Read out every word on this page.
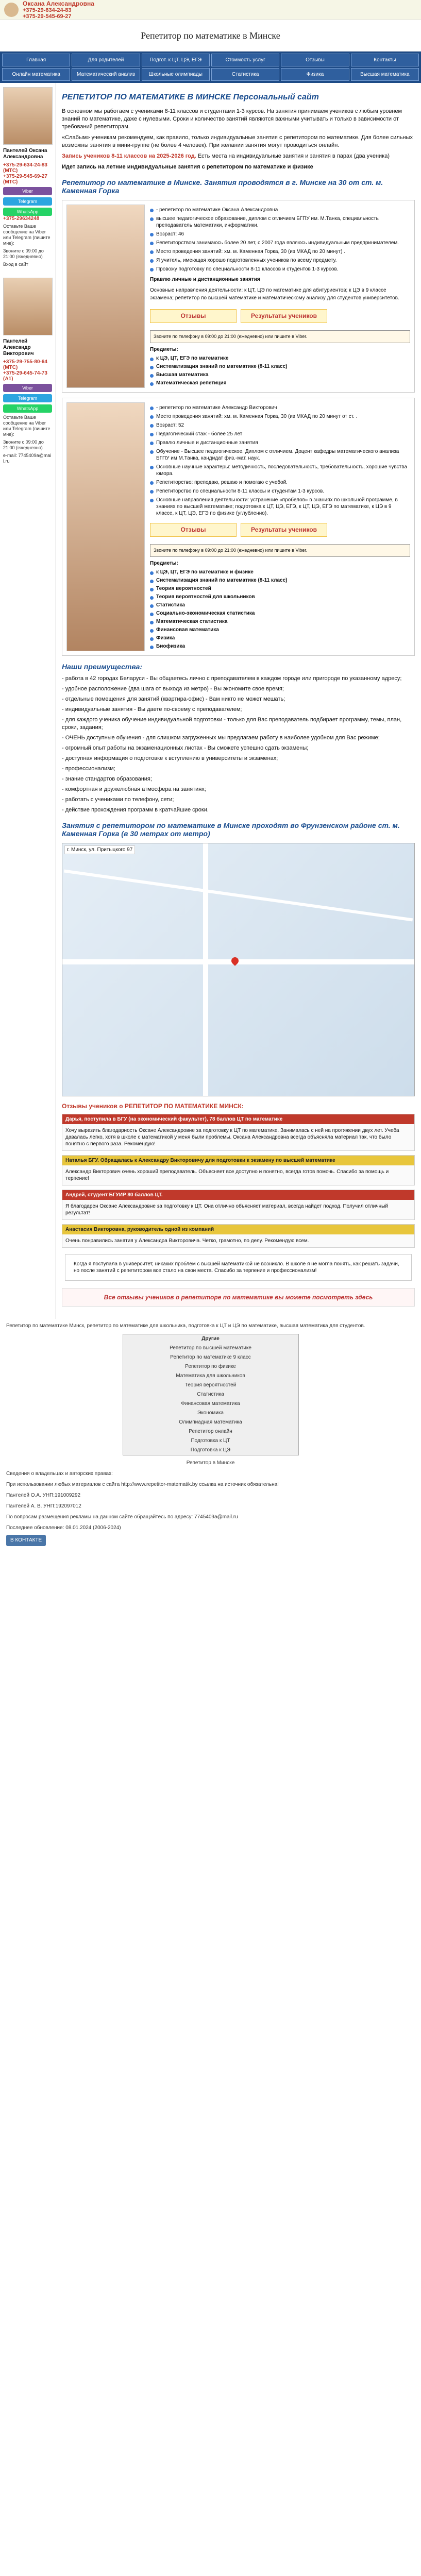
Оксана Александровна
+375-29-634-24-83
+375-29-545-69-27
Репетитор по математике в Минске
Главная	Для родителей	Подгот. к ЦТ, ЦЭ, ЕГЭ	Стоимость услуг	Отзывы	Контакты
Онлайн математика	Математический анализ	Школьные олимпиады	Статистика	Физика	Высшая математика
Пантелей Оксана Александровна
+375-29-634-24-83 (МТС)
+375-29-545-69-27 (МТС)
Viber
Telegram
WhatsApp
+375-29634248
Оставьте Ваше сообщение на Viber или Telegram (пишите мне):
Звоните с 09:00 до 21:00 (ежедневно)
Вход в сайт
Пантелей Александр Викторович
+375-29-755-80-64 (МТС)
+375-29-645-74-73 (А1)
Viber
Telegram
WhatsApp
Оставьте Ваше сообщение на Viber или Telegram (пишите мне):
Звоните с 09:00 до 21:00 (ежедневно)
e-mail: 7745409a@mail.ru
РЕПЕТИТОР ПО МАТЕМАТИКЕ В МИНСКЕ Персональный сайт

В основном мы работаем с учениками 8-11 классов и студентами 1-3 курсов. На занятия принимаем учеников с любым уровнем знаний по математике, даже с нулевыми. Сроки и количество занятий являются важными учитывать и только в зависимости от требований репетиторам.

«Слабым» ученикам рекомендуем, как правило, только индивидуальные занятия с репетитором по математике. Для более сильных возможны занятия в мини-группе (не более 4 человек). При желании занятия могут проводиться онлайн.

Запись учеников 8-11 классов на 2025-2026 год. Есть места на индивидуальные занятия и занятия в парах (два ученика)

Идет запись на летние индивидуальные занятия с репетитором по математике и физике

Репетитор по математике в Минске. Занятия проводятся в г. Минске на 30 от ст. м. Каменная Горка
- репетитор по математике Оксана Александровна
высшее педагогическое образование, диплом с отличием БГПУ им. М.Танка, специальность преподаватель математики, информатики.
Возраст: 46
Репетиторством занимаюсь более 20 лет, с 2007 года являюсь индивидуальным предпринимателем.
Место проведения занятий: хм. м. Каменная Горка, 30 (из МКАД по 20 минут) .
Я учитель, имеющая хорошо подготовленных учеников по всему предмету.
Провожу подготовку по специальности 8-11 классов и студентов 1-3 курсов.

Правлю личные и дистанционные занятия

Основные направления деятельности: к ЦТ, ЦЭ по математике для абитуриентов; к ЦЭ в 9 классе экзамена; репетитор по высшей математике и математическому анализу для студентов университетов.

Отзывы	Результаты учеников
Звоните по телефону в 09:00 до 21:00 (ежедневно) или пишите в Viber.
Предметы:
к ЦЭ, ЦТ, ЕГЭ по математике
Систематизация знаний по математике (8-11 класс)
Высшая математика
Математическая репетиция
- репетитор по математике Александр Викторович
Место проведения занятий: хм. м. Каменная Горка, 30 (из МКАД по 20 минут от ст. .
Возраст: 52
Педагогический стаж - более 25 лет
Правлю личные и дистанционные занятия
Обучение - Высшее педагогическое. Диплом с отличием. Доцент кафедры математического анализа БГПУ им М.Танка, кандидат физ.-мат. наук.
Основные научные характеры: методичность, последовательность, требовательность, хорошие чувства юмора.
Репетиторство: преподаю, решаю и помогаю с учебой.
Репетиторство по специальности 8-11 классы и студентам 1-3 курсов.
Основные направления деятельности: устранение «пробелов» в знаниях по школьной программе, в знаниях по высшей математике; подготовка к ЦТ, ЦЭ, ЕГЭ, к ЦТ, ЦЭ, ЕГЭ по математике, к ЦЭ в 9 классе, к ЦТ, ЦЭ, ЕГЭ по физике (углубленно).
Отзывы	Результаты учеников
Звоните по телефону в 09:00 до 21:00 (ежедневно) или пишите в Viber.
Предметы:
к ЦЭ, ЦТ, ЕГЭ по математике и физике
Систематизация знаний по математике (8-11 класс)
Теория вероятностей
Теория вероятностей для школьников
Статистика
Социально-экономическая статистика
Математическая статистика
Финансовая математика
Физика
Биофизика
Наши преимущества:
- работа в 42 городах Беларуси - Вы общаетесь лично с преподавателем в каждом городе или пригороде по указанному адресу;
- удобное расположение (два шага от выхода из метро) - Вы экономите свое время;
- отдельные помещения для занятий (квартира-офис) - Вам никто не может мешать;
- индивидуальные занятия - Вы даете по-своему с преподавателем;
- для каждого ученика обучение индивидуальной подготовки - только для Вас преподаватель подбирает программу, темы, план, сроки, задания;
- ОЧЕНЬ доступные обучения - для слишком загруженных мы предлагаем работу в наиболее удобном для Вас режиме;
- огромный опыт работы на экзаменационных листах - Вы сможете успешно сдать экзамены;
- доступная информация о подготовке к вступлению в университеты и экзаменах;
- профессионализм;
- знание стандартов образования;
- комфортная и дружелюбная атмосфера на занятиях;
- работать с учениками по телефону, сети;
- действие прохождения программ в кратчайшие сроки.
Занятия с репетитором по математике в Минске проходят во Фрунзенском районе ст. м. Каменная Горка (в 30 метрах от метро)
г. Минск, ул. Притыцкого 97
Отзывы учеников о РЕПЕТИТОР ПО МАТЕМАТИКЕ МИНСК:
Дарья, поступила в БГУ (на экономический факультет), 78 баллов ЦТ по математике
Хочу выразить благодарность Оксане Александровне за подготовку к ЦТ по математике. Занималась с ней на протяжении двух лет. Учеба давалась легко, хотя в школе с математикой у меня были проблемы. Оксана Александровна всегда объясняла материал так, что было понятно с первого раза. Рекомендую!
Наталья БГУ. Обращалась к Александру Викторовичу для подготовки к экзамену по высшей математике
Александр Викторович очень хороший преподаватель. Объясняет все доступно и понятно, всегда готов помочь. Спасибо за помощь и терпение!
Андрей, студент БГУИР 80 баллов ЦТ.
Я благодарен Оксане Александровне за подготовку к ЦТ. Она отлично объясняет материал, всегда найдет подход. Получил отличный результат!
Анастасия Викторовна, руководитель одной из компаний
Очень понравились занятия у Александра Викторовича. Четко, грамотно, по делу. Рекомендую всем.
Когда я поступала в университет, никаких проблем с высшей математикой не возникло. В школе я не могла понять, как решать задачи, но после занятий с репетитором все стало на свои места. Спасибо за терпение и профессионализм!
Все отзывы учеников о репетиторе по математике вы можете посмотреть здесь

Репетитор по математике Минск, репетитор по математике для школьника, подготовка к ЦТ и ЦЭ по математике, высшая математика для студентов.

Другие
Репетитор по высшей математике
Репетитор по математике 9 класс
Репетитор по физике
Математика для школьников
Теория вероятностей
Статистика
Финансовая математика
Экономика
Олимпиадная математика
Репетитор онлайн
Подготовка к ЦТ
Подготовка к ЦЭ
Репетитор в Минске

Сведения о владельцах и авторских правах:

При использовании любых материалов с сайта http://www.repetitor-matematik.by ссылка на источник обязательна!

Пантелей О.А. УНП:191009292

Пантелей А. В. УНП:192097012

По вопросам размещения рекламы на данном сайте обращайтесь по адресу: 7745409a@mail.ru

Последнее обновление: 08.01.2024 (2006-2024)

В КОНТАКТЕ
